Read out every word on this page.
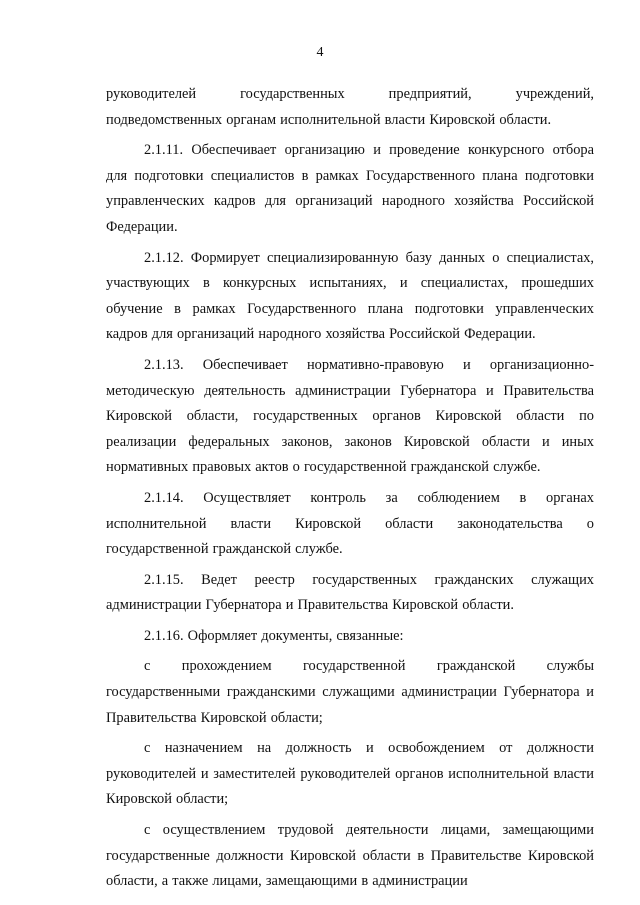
4

руководителей государственных предприятий, учреждений, подведомственных органам исполнительной власти Кировской области.

2.1.11. Обеспечивает организацию и проведение конкурсного отбора для подготовки специалистов в рамках Государственного плана подготовки управленческих кадров для организаций народного хозяйства Российской Федерации.

2.1.12. Формирует специализированную базу данных о специалистах, участвующих в конкурсных испытаниях, и специалистах, прошедших обучение в рамках Государственного плана подготовки управленческих кадров для организаций народного хозяйства Российской Федерации.

2.1.13. Обеспечивает нормативно-правовую и организационно-методическую деятельность администрации Губернатора и Правительства Кировской области, государственных органов Кировской области по реализации федеральных законов, законов Кировской области и иных нормативных правовых актов о государственной гражданской службе.

2.1.14. Осуществляет контроль за соблюдением в органах исполнительной власти Кировской области законодательства о государственной гражданской службе.

2.1.15. Ведет реестр государственных гражданских служащих администрации Губернатора и Правительства Кировской области.

2.1.16. Оформляет документы, связанные:

с прохождением государственной гражданской службы государственными гражданскими служащими администрации Губернатора и Правительства Кировской области;

с назначением на должность и освобождением от должности руководителей и заместителей руководителей органов исполнительной власти Кировской области;

с осуществлением трудовой деятельности лицами, замещающими государственные должности Кировской области в Правительстве Кировской области, а также лицами, замещающими в администрации
